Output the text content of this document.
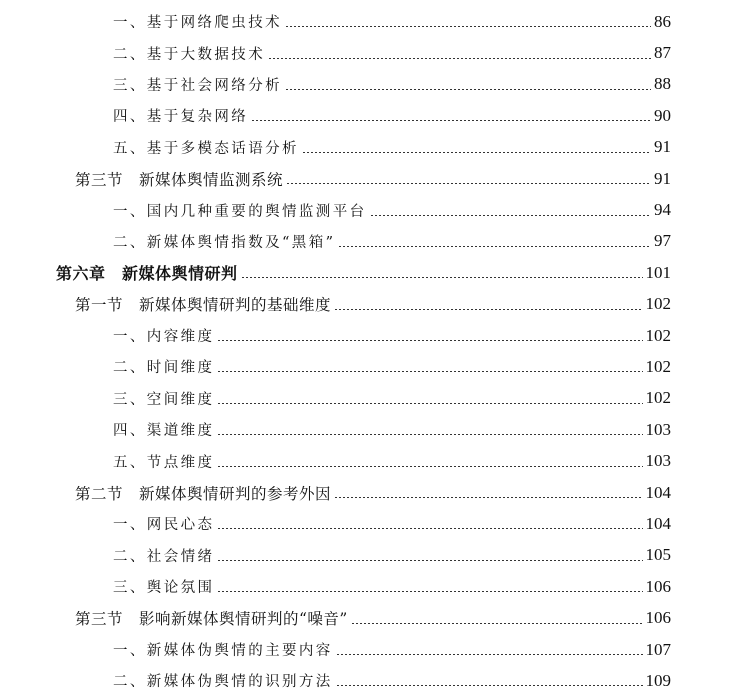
一、基于网络爬虫技术	86
二、基于大数据技术	87
三、基于社会网络分析	88
四、基于复杂网络	90
五、基于多模态话语分析	91
第三节　新媒体舆情监测系统	91
一、国内几种重要的舆情监测平台	94
二、新媒体舆情指数及“黑箱”	97
第六章　新媒体舆情研判	101
第一节　新媒体舆情研判的基础维度	102
一、内容维度	102
二、时间维度	102
三、空间维度	102
四、渠道维度	103
五、节点维度	103
第二节　新媒体舆情研判的参考外因	104
一、网民心态	104
二、社会情绪	105
三、舆论氛围	106
第三节　影响新媒体舆情研判的“噪音”	106
一、新媒体伪舆情的主要内容	107
二、新媒体伪舆情的识别方法	109
